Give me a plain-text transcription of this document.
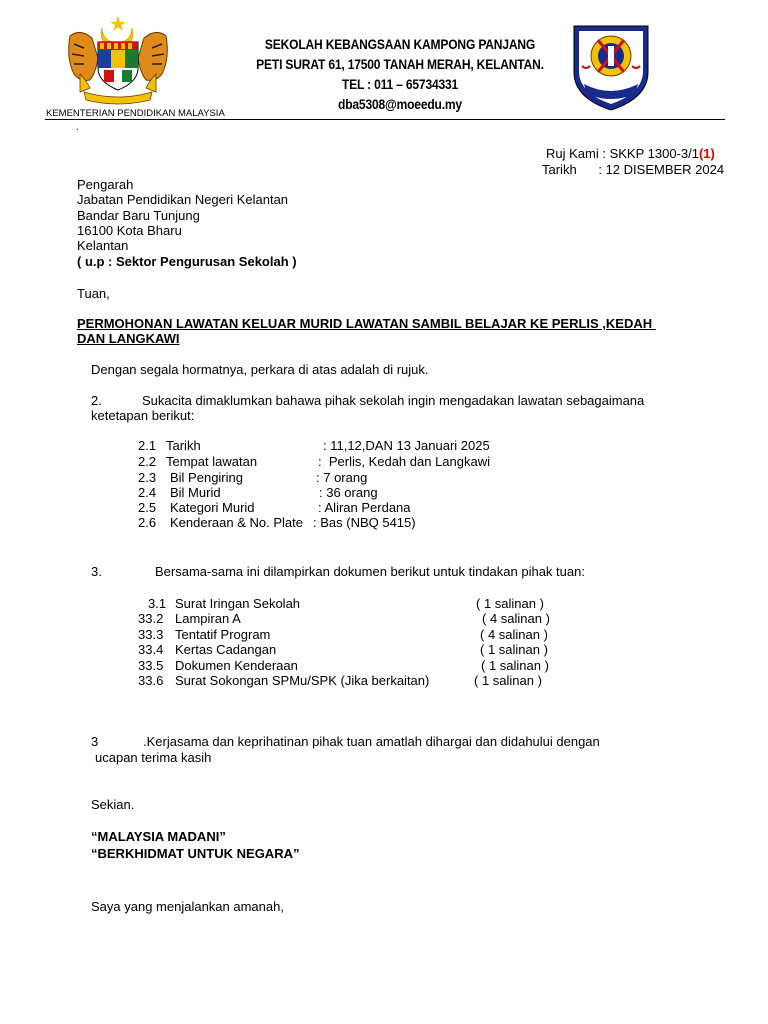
SEKOLAH KEBANGSAAN KAMPONG PANJANG
PETI SURAT 61, 17500 TANAH MERAH, KELANTAN.
TEL : 011 – 65734331
dba5308@moeedu.my
KEMENTERIAN PENDIDIKAN MALAYSIA
.
Ruj Kami : SKKP 1300-3/1(1)
Tarikh      : 12 DISEMBER 2024
Pengarah
Jabatan Pendidikan Negeri Kelantan
Bandar Baru Tunjung
16100 Kota Bharu
Kelantan
( u.p : Sektor Pengurusan Sekolah )
Tuan,
PERMOHONAN LAWATAN KELUAR MURID LAWATAN SAMBIL BELAJAR KE PERLIS ,KEDAH
DAN LANGKAWI
Dengan segala hormatnya, perkara di atas adalah di rujuk.
2.	Sukacita dimaklumkan bahawa pihak sekolah ingin mengadakan lawatan sebagaimana
ketetapan berikut:
2.1 Tarikh	: 11,12,DAN 13 Januari 2025
2.2 Tempat lawatan	:  Perlis, Kedah dan Langkawi
2.3 Bil Pengiring	: 7 orang
2.4 Bil Murid	: 36 orang
2.5 Kategori Murid	: Aliran Perdana
2.6 Kenderaan & No. Plate : Bas (NBQ 5415)
3.	Bersama-sama ini dilampirkan dokumen berikut untuk tindakan pihak tuan:
3.1 Surat Iringan Sekolah	( 1 salinan )
33.2 Lampiran A	( 4 salinan )
33.3 Tentatif Program	( 4 salinan )
33.4 Kertas Cadangan	( 1 salinan )
33.5 Dokumen Kenderaan	( 1 salinan )
33.6 Surat Sokongan SPMu/SPK (Jika berkaitan)	( 1 salinan )
3	.Kerjasama dan keprihatinan pihak tuan amatlah dihargai dan didahului dengan
ucapan terima kasih
Sekian.
“MALAYSIA MADANI”
“BERKHIDMAT UNTUK NEGARA”
Saya yang menjalankan amanah,
